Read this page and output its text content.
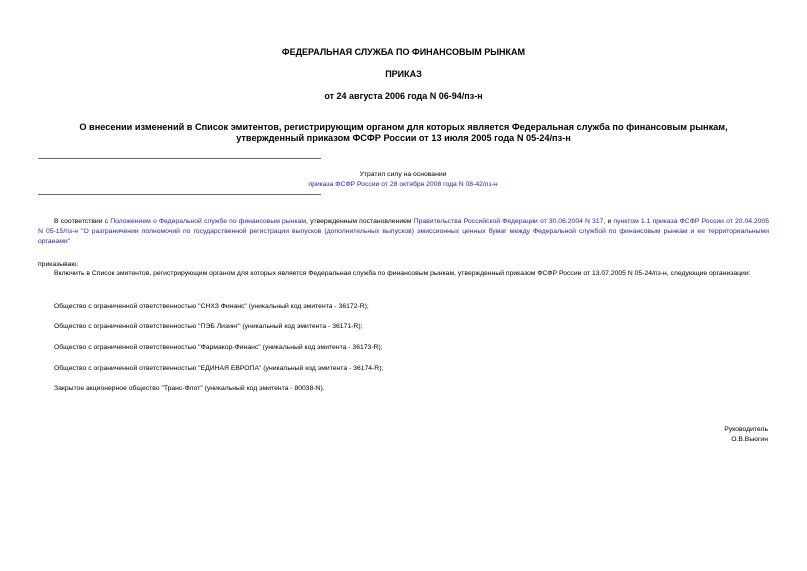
ФЕДЕРАЛЬНАЯ СЛУЖБА ПО ФИНАНСОВЫМ РЫНКАМ
ПРИКАЗ
от 24 августа 2006 года N 06-94/пз-н
О внесении изменений в Список эмитентов, регистрирующим органом для которых является Федеральная служба по финансовым рынкам, утвержденный приказом ФСФР России от 13 июля 2005 года N 05-24/пз-н
Утратил силу на основании
приказа ФСФР России от 28 октября 2008 года N 08-42/пз-н
В соответствии с Положением о Федеральной службе по финансовым рынкам, утвержденным постановлением Правительства Российской Федерации от 30.06.2004 N 317, и пунктом 1.1 приказа ФСФР России от 20.04.2005 N 05-15/пз-н "О разграничении полномочий по государственной регистрации выпусков (дополнительных выпусков) эмиссионных ценных бумаг между Федеральной службой по финансовым рынкам и ее территориальными органами"
приказываю:
Включить в Список эмитентов, регистрирующим органом для которых является Федеральная служба по финансовым рынкам, утвержденный приказом ФСФР России от 13.07.2005 N 05-24/пз-н, следующие организации:
Общество с ограниченной ответственностью "СНХЗ Финанс" (уникальный код эмитента - 36172-R);
Общество с ограниченной ответственностью "ПЭБ Лизинг" (уникальный код эмитента - 36171-R);
Общество с ограниченной ответственностью "Фармакор-Финанс" (уникальный код эмитента - 36173-R);
Общество с ограниченной ответственностью "ЕДИНАЯ ЕВРОПА" (уникальный код эмитента - 36174-R);
Закрытое акционерное общество "Транс-Флот" (уникальный код эмитента - 80038-N).
Руководитель
О.В.Вьюгин
